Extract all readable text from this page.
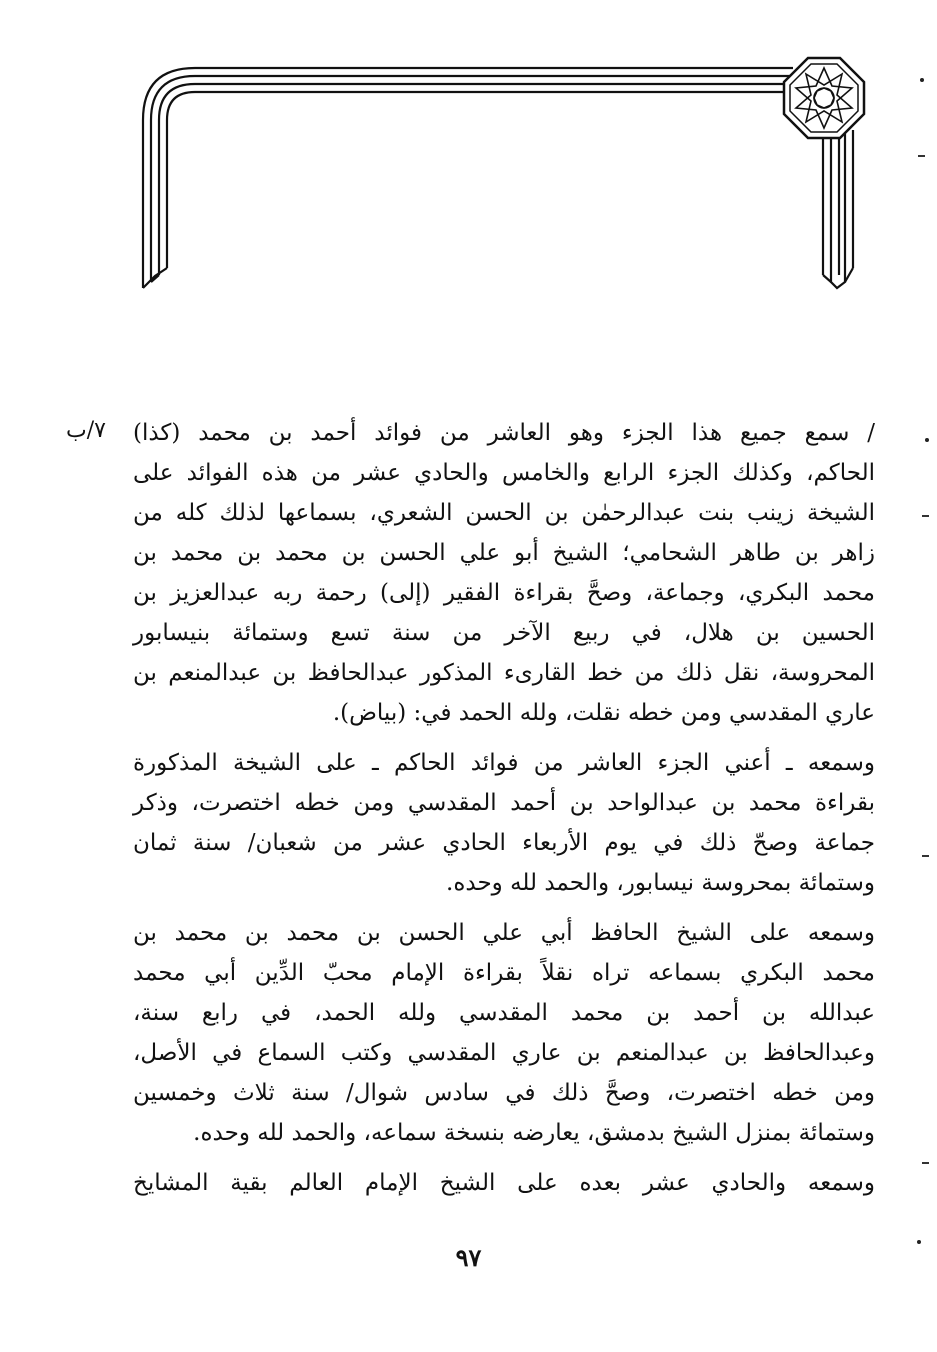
٧/ب / سمع جميع هذا الجزء وهو العاشر من فوائد أحمد بن محمد (كذا)
الحاكم، وكذلك الجزء الرابع والخامس والحادي عشر من هذه الفوائد على
الشيخة زينب بنت عبدالرحمٰن بن الحسن الشعري، بسماعها لذلك كله من
زاهر بن طاهر الشحامي؛ الشيخ أبو علي الحسن بن محمد بن محمد بن
محمد البكري، وجماعة، وصحَّ بقراءة الفقير (إلى) رحمة ربه عبدالعزيز بن
الحسين بن هلال، في ربيع الآخر من سنة تسع وستمائة بنيسابور
المحروسة، نقل ذلك من خط القارىء المذكور عبدالحافظ بن عبدالمنعم بن
عاري المقدسي ومن خطه نقلت، ولله الحمد في: (بياض).

وسمعه ـ أعني الجزء العاشر من فوائد الحاكم ـ على الشيخة المذكورة
بقراءة محمد بن عبدالواحد بن أحمد المقدسي ومن خطه اختصرت، وذكر
جماعة وصحّ ذلك في يوم الأربعاء الحادي عشر من شعبان/ سنة ثمان
وستمائة بمحروسة نيسابور، والحمد لله وحده.

وسمعه على الشيخ الحافظ أبي علي الحسن بن محمد بن محمد بن
محمد البكري بسماعه تراه نقلاً بقراءة الإمام محبّ الدِّين أبي محمد
عبدالله بن أحمد بن محمد المقدسي ولله الحمد، في رابع سنة،
وعبدالحافظ بن عبدالمنعم بن عاري المقدسي وكتب السماع في الأصل،
ومن خطه اختصرت، وصحَّ ذلك في سادس شوال/ سنة ثلاث وخمسين
وستمائة بمنزل الشيخ بدمشق، يعارضه بنسخة سماعه، والحمد لله وحده.

وسمعه والحادي عشر بعده على الشيخ الإمام العالم بقية المشايخ

٩٧
